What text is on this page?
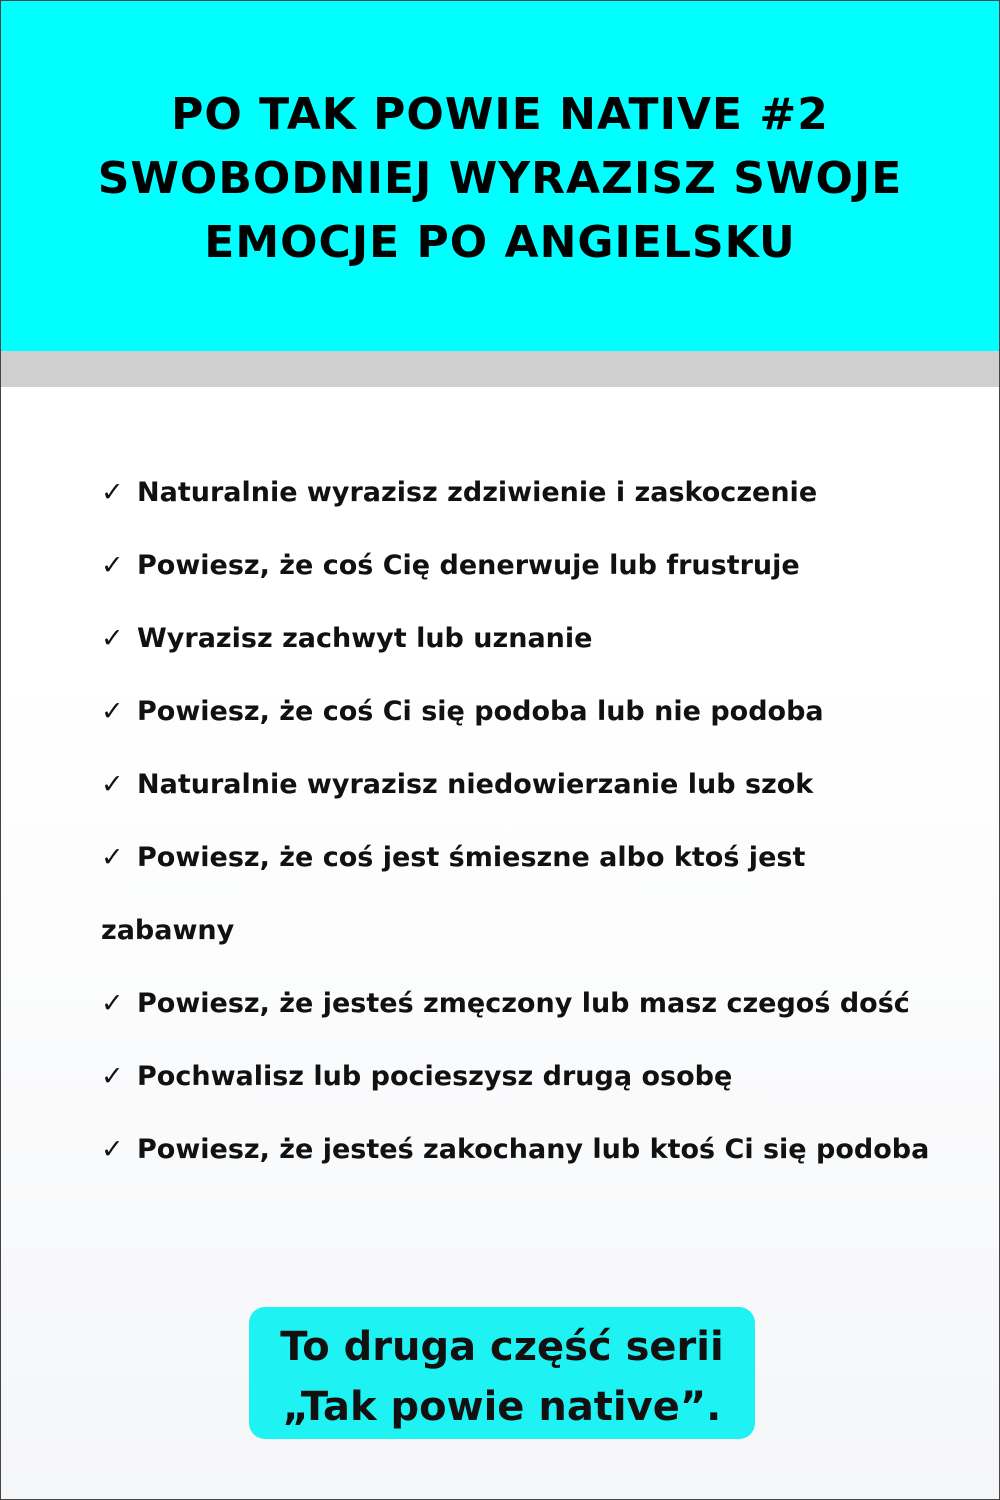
PO TAK POWIE NATIVE #2
SWOBODNIEJ WYRAZISZ SWOJE
EMOCJE PO ANGIELSKU
✓ Naturalnie wyrazisz zdziwienie i zaskoczenie
✓ Powiesz, że coś Cię denerwuje lub frustruje
✓ Wyrazisz zachwyt lub uznanie
✓ Powiesz, że coś Ci się podoba lub nie podoba
✓ Naturalnie wyrazisz niedowierzanie lub szok
✓ Powiesz, że coś jest śmieszne albo ktoś jest zabawny
✓ Powiesz, że jesteś zmęczony lub masz czegoś dość
✓ Pochwalisz lub pocieszysz drugą osobę
✓ Powiesz, że jesteś zakochany lub ktoś Ci się podoba

To druga część serii
„Tak powie native”.
